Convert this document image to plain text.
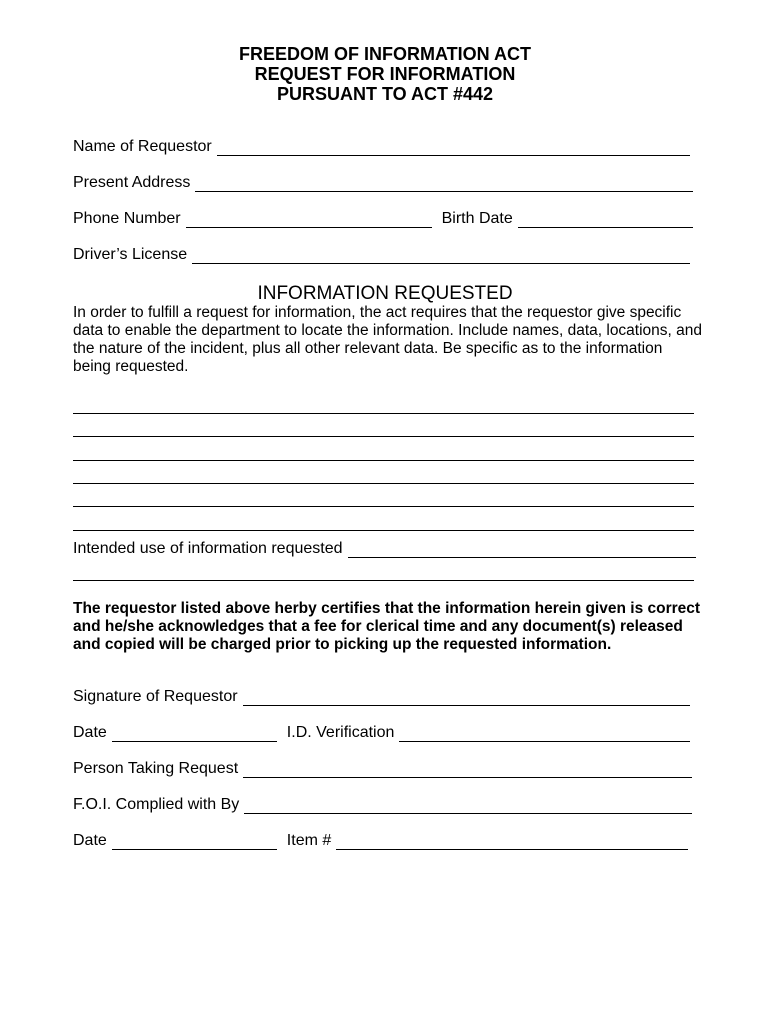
FREEDOM OF INFORMATION ACT
REQUEST FOR INFORMATION
PURSUANT TO ACT #442
Name of Requestor
Present Address
Phone Number	Birth Date
Driver’s License
INFORMATION REQUESTED
In order to fulfill a request for information, the act requires that the requestor give specific data to enable the department to locate the information. Include names, data, locations, and the nature of the incident, plus all other relevant data. Be specific as to the information being requested.
Intended use of information requested
The requestor listed above herby certifies that the information herein given is correct and he/she acknowledges that a fee for clerical time and any document(s) released and copied will be charged prior to picking up the requested information.
Signature of Requestor
Date	I.D. Verification
Person Taking Request
F.O.I. Complied with By
Date	Item #
